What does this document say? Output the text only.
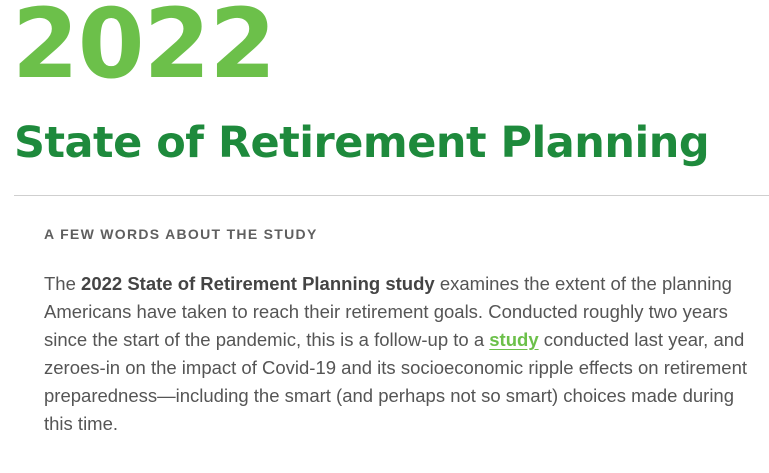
2022
State of Retirement Planning
A FEW WORDS ABOUT THE STUDY

The 2022 State of Retirement Planning study examines the extent of the planning Americans have taken to reach their retirement goals. Conducted roughly two years since the start of the pandemic, this is a follow-up to a study conducted last year, and zeroes-in on the impact of Covid-19 and its socioeconomic ripple effects on retirement preparedness—including the smart (and perhaps not so smart) choices made during this time.
